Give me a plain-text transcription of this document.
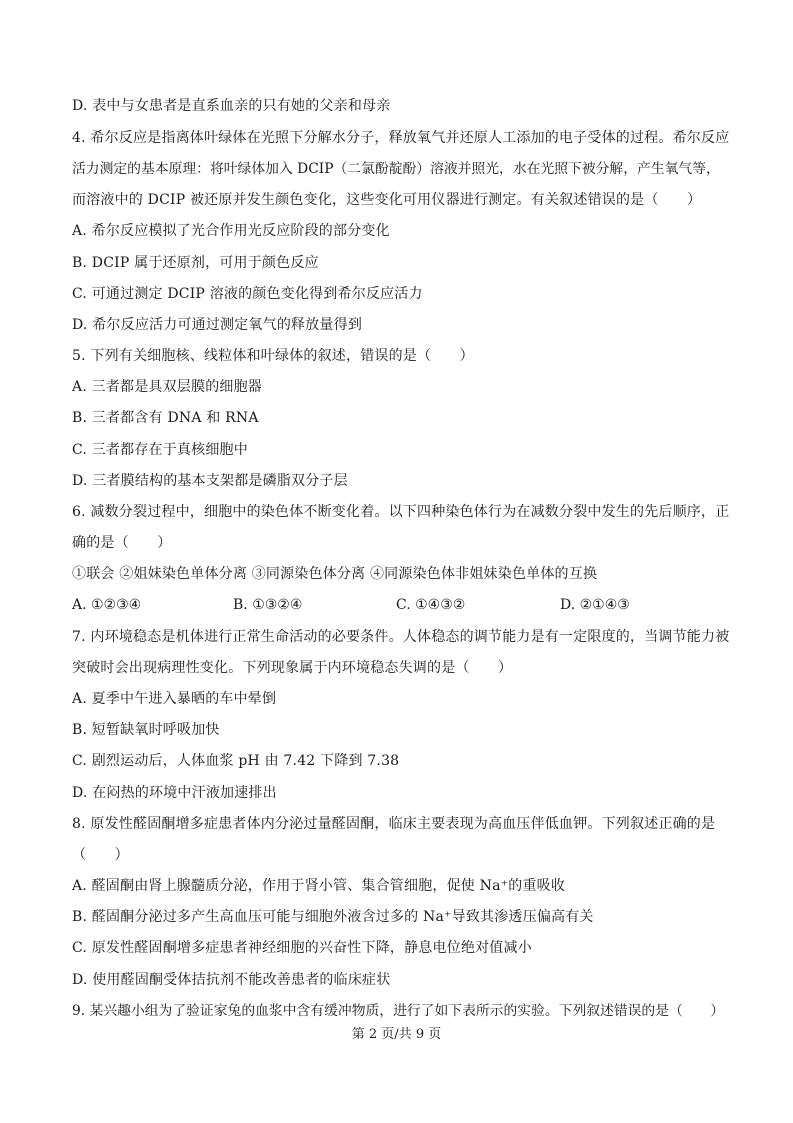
D. 表中与女患者是直系血亲的只有她的父亲和母亲
4. 希尔反应是指离体叶绿体在光照下分解水分子，释放氧气并还原人工添加的电子受体的过程。希尔反应
活力测定的基本原理：将叶绿体加入 DCIP（二氯酚靛酚）溶液并照光，水在光照下被分解，产生氧气等，
而溶液中的 DCIP 被还原并发生颜色变化，这些变化可用仪器进行测定。有关叙述错误的是（　　）
A. 希尔反应模拟了光合作用光反应阶段的部分变化
B. DCIP 属于还原剂，可用于颜色反应
C. 可通过测定 DCIP 溶液的颜色变化得到希尔反应活力
D. 希尔反应活力可通过测定氧气的释放量得到
5. 下列有关细胞核、线粒体和叶绿体的叙述，错误的是（　　）
A. 三者都是具双层膜的细胞器
B. 三者都含有 DNA 和 RNA
C. 三者都存在于真核细胞中
D. 三者膜结构的基本支架都是磷脂双分子层
6. 减数分裂过程中，细胞中的染色体不断变化着。以下四种染色体行为在减数分裂中发生的先后顺序，正
确的是（　　）
①联会 ②姐妹染色单体分离 ③同源染色体分离 ④同源染色体非姐妹染色单体的互换
A. ①②③④	B. ①③②④	C. ①④③②	D. ②①④③
7. 内环境稳态是机体进行正常生命活动的必要条件。人体稳态的调节能力是有一定限度的，当调节能力被
突破时会出现病理性变化。下列现象属于内环境稳态失调的是（　　）
A. 夏季中午进入暴晒的车中晕倒
B. 短暂缺氧时呼吸加快
C. 剧烈运动后，人体血浆 pH 由 7.42 下降到 7.38
D. 在闷热的环境中汗液加速排出
8. 原发性醛固酮增多症患者体内分泌过量醛固酮，临床主要表现为高血压伴低血钾。下列叙述正确的是
（　　）
A. 醛固酮由肾上腺髓质分泌，作用于肾小管、集合管细胞，促使 Na⁺的重吸收
B. 醛固酮分泌过多产生高血压可能与细胞外液含过多的 Na⁺导致其渗透压偏高有关
C. 原发性醛固酮增多症患者神经细胞的兴奋性下降，静息电位绝对值减小
D. 使用醛固酮受体拮抗剂不能改善患者的临床症状
9. 某兴趣小组为了验证家兔的血浆中含有缓冲物质，进行了如下表所示的实验。下列叙述错误的是（　　）
第 2 页/共 9 页
